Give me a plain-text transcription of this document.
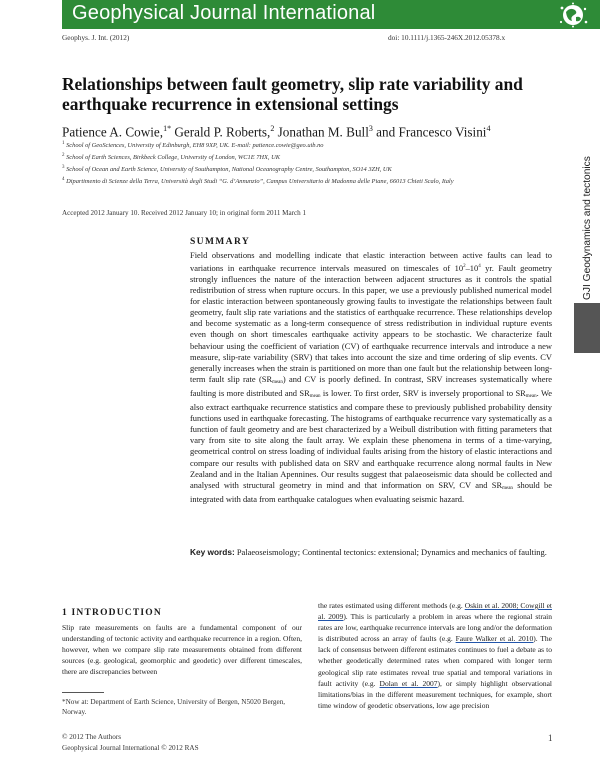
Geophysical Journal International
Geophys. J. Int. (2012)	doi: 10.1111/j.1365-246X.2012.05378.x
GJI Geodynamics and tectonics
Relationships between fault geometry, slip rate variability and
earthquake recurrence in extensional settings
Patience A. Cowie,$^{1*}$ Gerald P. Roberts,$^2$ Jonathan M. Bull$^3$ and Francesco Visini$^4$
$^1$ School of GeoSciences, University of Edinburgh, EH8 9XP, UK. E-mail: patience.cowie@geo.uib.no
$^2$ School of Earth Sciences, Birkbeck College, University of London, WC1E 7HX, UK
$^3$ School of Ocean and Earth Science, University of Southampton, National Oceanography Centre, Southampton, SO14 3ZH, UK
$^4$ Dipartimento di Scienze della Terra, Università degli Studi “G. d’Annunzio”, Campus Universitario di Madonna delle Piane, 66013 Chieti Scalo, Italy
Accepted 2012 January 10. Received 2012 January 10; in original form 2011 March 1
SUMMARY
Field observations and modelling indicate that elastic interaction between active faults can lead to variations in earthquake recurrence intervals measured on timescales of $10^2-10^4$ yr. Fault geometry strongly influences the nature of the interaction between adjacent structures as it controls the spatial redistribution of stress when rupture occurs. In this paper, we use a previously published numerical model for elastic interaction between spontaneously growing faults to investigate the relationships between fault geometry, fault slip rate variations and the statistics of earthquake recurrence. These relationships develop and become systematic as a long-term consequence of stress redistribution in individual rupture events even though on short timescales earthquake activity appears to be stochastic. We characterize fault behaviour using the coefficient of variation (CV) of earthquake recurrence intervals and introduce a new measure, slip-rate variability (SRV) that takes into account the size and time ordering of slip events. CV generally increases when the strain is partitioned on more than one fault but the relationship between long-term fault slip rate $(SR_{mean})$ and CV is poorly defined. In contrast, SRV increases systematically where faulting is more distributed and $SR_{mean}$ is lower. To first order, SRV is inversely proportional to $SR_{mean}$. We also extract earthquake recurrence statistics and compare these to previously published probability density functions used in earthquake forecasting. The histograms of earthquake recurrence vary systematically as a function of fault geometry and are best characterized by a Weibull distribution with fitting parameters that vary from site to site along the fault array. We explain these phenomena in terms of a time-varying, geometrical control on stress loading of individual faults arising from the history of elastic interactions and compare our results with published data on SRV and earthquake recurrence along normal faults in New Zealand and in the Italian Apennines. Our results suggest that palaeoseismic data should be collected and analysed with structural geometry in mind and that information on SRV, CV and $SR_{mean}$ should be integrated with data from earthquake catalogues when evaluating seismic hazard.
Key words: Palaeoseismology; Continental tectonics: extensional; Dynamics and mechanics of faulting.
1 INTRODUCTION
Slip rate measurements on faults are a fundamental component of our understanding of tectonic activity and earthquake recurrence in a region. Often, however, when we compare slip rate measurements obtained from different sources (e.g. geological, geomorphic and geodetic) over different timescales, there are discrepancies between
the rates estimated using different methods (e.g. Oskin et al. 2008; Cowgill et al. 2009). This is particularly a problem in areas where the regional strain rates are low, earthquake recurrence intervals are long and/or the deformation is distributed across an array of faults (e.g. Faure Walker et al. 2010). The lack of consensus between different estimates continues to fuel a debate as to whether geodetically determined rates when compared with longer term geological slip rate estimates reveal true spatial and temporal variations in fault activity (e.g. Dolan et al. 2007), or simply highlight observational limitations/bias in the different measurement techniques, for example, short time window of geodetic observations, low age precision
*Now at: Department of Earth Science, University of Bergen, N5020 Bergen, Norway.
© 2012 The Authors
Geophysical Journal International © 2012 RAS
1
